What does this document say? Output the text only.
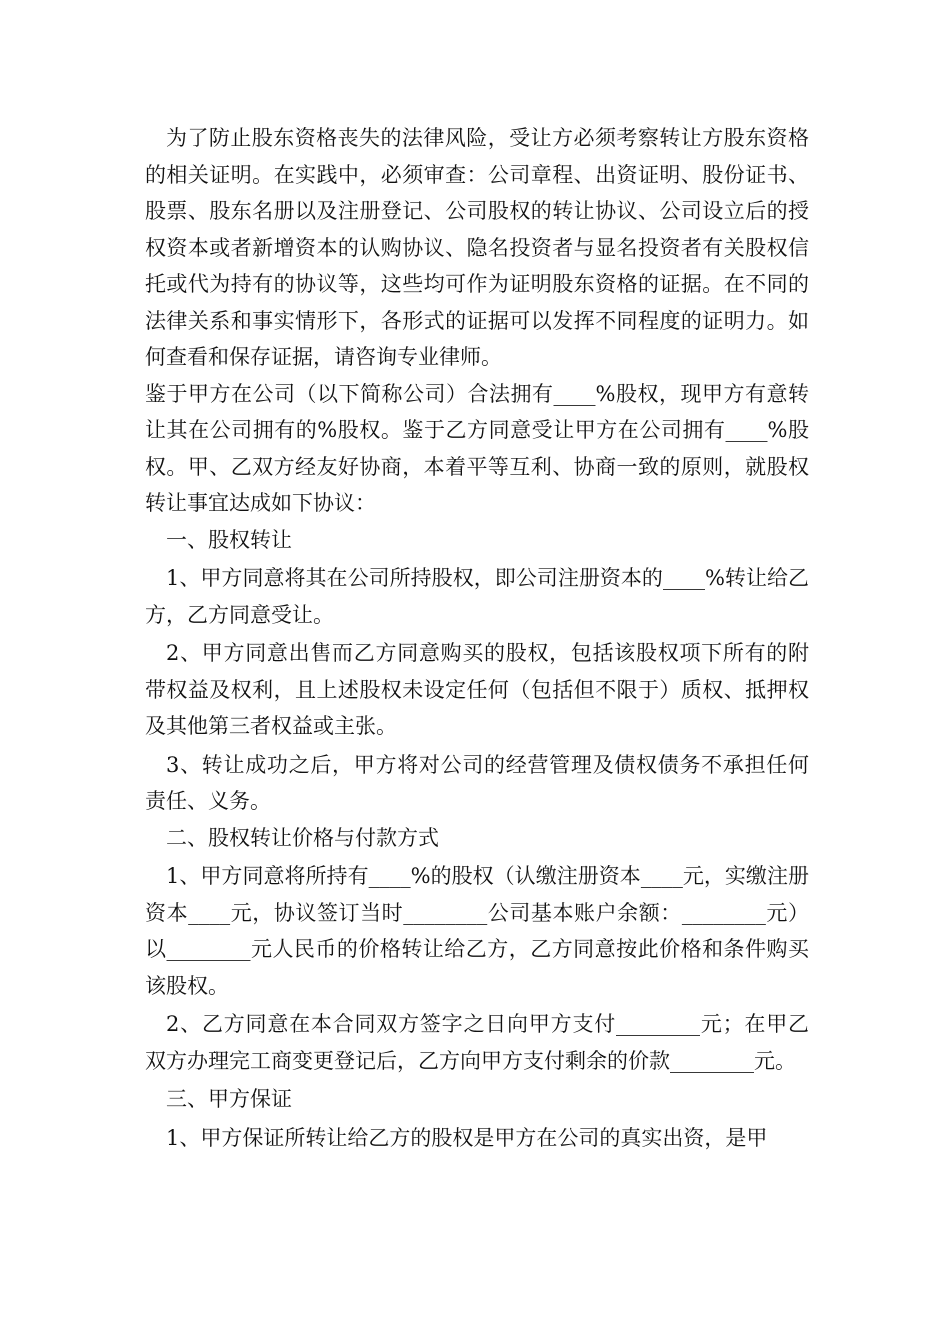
为了防止股东资格丧失的法律风险，受让方必须考察转让方股东资格的相关证明。在实践中，必须审查：公司章程、出资证明、股份证书、股票、股东名册以及注册登记、公司股权的转让协议、公司设立后的授权资本或者新增资本的认购协议、隐名投资者与显名投资者有关股权信托或代为持有的协议等，这些均可作为证明股东资格的证据。在不同的法律关系和事实情形下，各形式的证据可以发挥不同程度的证明力。如何查看和保存证据，请咨询专业律师。

鉴于甲方在公司（以下简称公司）合法拥有____%股权，现甲方有意转让其在公司拥有的%股权。鉴于乙方同意受让甲方在公司拥有____%股权。甲、乙双方经友好协商，本着平等互利、协商一致的原则，就股权转让事宜达成如下协议：

一、股权转让

1、甲方同意将其在公司所持股权，即公司注册资本的____%转让给乙方，乙方同意受让。

2、甲方同意出售而乙方同意购买的股权，包括该股权项下所有的附带权益及权利，且上述股权未设定任何（包括但不限于）质权、抵押权及其他第三者权益或主张。

3、转让成功之后，甲方将对公司的经营管理及债权债务不承担任何责任、义务。

二、股权转让价格与付款方式

1、甲方同意将所持有____%的股权（认缴注册资本____元，实缴注册资本____元，协议签订当时________公司基本账户余额：________元）以________元人民币的价格转让给乙方，乙方同意按此价格和条件购买该股权。

2、乙方同意在本合同双方签字之日向甲方支付________元；在甲乙双方办理完工商变更登记后，乙方向甲方支付剩余的价款________元。

三、甲方保证

1、甲方保证所转让给乙方的股权是甲方在公司的真实出资，是甲
